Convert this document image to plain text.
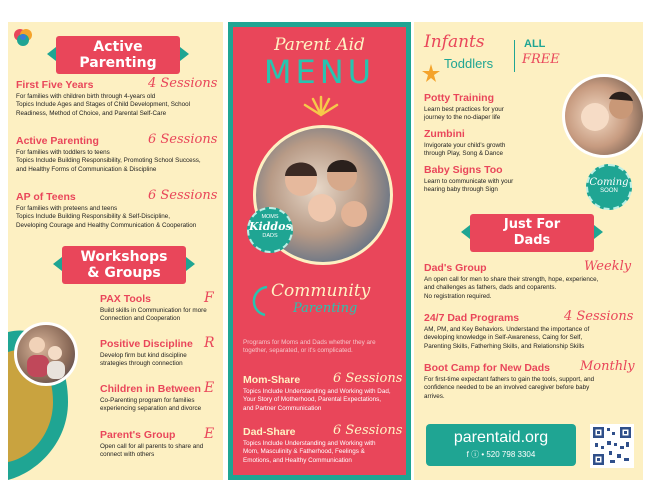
Active
Parenting
First Five Years	4 Sessions
For families with children birth through 4-years old
Topics Include Ages and Stages of Child Development, School
Readiness, Method of Choice, and Parental Self-Care
Active Parenting	6 Sessions
For families with toddlers to teens
Topics Include Building Responsibility, Promoting School Success,
and Healthy Forms of Communication & Discipline
AP of Teens	6 Sessions
For families with preteens and teens
Topics Include Building Responsibility & Self-Discipline,
Developing Courage and Healthy Communication & Cooperation
Workshops
& Groups
PAX Tools	F
Build skills in Communication for more
Connection and Cooperation
Positive Discipline R
Develop firm but kind discipline
strategies through connection
Children in Between E
Co-Parenting program for families
experiencing separation and divorce
Parent's Group E
Open call for all parents to share and
connect with others
Parent Aid
MENU
MOMS
Kiddos
DADS
Community
Parenting
Programs for Moms and Dads whether they are
together, separated, or it's complicated.
Mom-Share	6 Sessions
Topics Include Understanding and Working with Dad,
Your Story of Motherhood, Parental Expectations,
and Partner Communication
Dad-Share	6 Sessions
Topics Include Understanding and Working with
Mom, Masculinity & Fatherhood, Feelings &
Emotions, and Healthy Communication
Infants
Toddlers
ALL
FREE
Coming
SOON
Potty Training
Learn best practices for your
journey to the no-diaper life
Zumbini
Invigorate your child's growth
through Play, Song & Dance
Baby Signs Too
Learn to communicate with your
hearing baby through Sign
Just For
Dads
Dad's Group	Weekly
An open call for men to share their strength, hope, experience,
and challenges as fathers, dads and coparents.
No registration required.
24/7 Dad Programs	4 Sessions
AM, PM, and Key Behaviors. Understand the importance of
developing knowledge in Self-Awareness, Caing for Self,
Parenting Skills, Fatherhing Skills, and Relationship Skills
Boot Camp for New Dads Monthly
For first-time expectant fathers to gain the tools, support, and
confidence needed to be an involved caregiver before baby
arrives.
parentaid.org
f ⓘ • 520 798 3304
